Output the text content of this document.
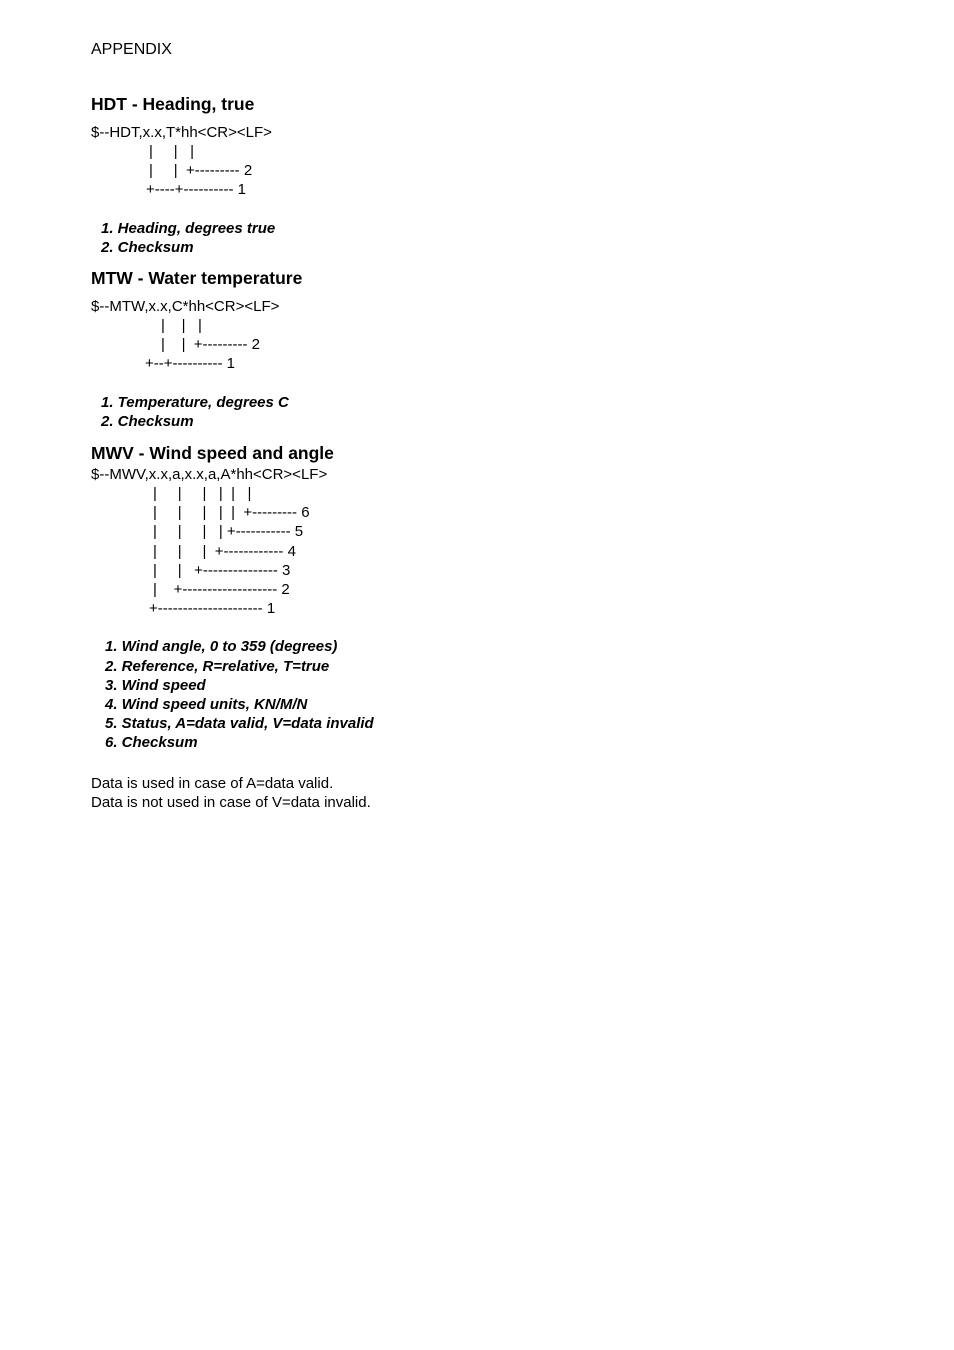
APPENDIX
HDT - Heading, true

$--HDT,x.x,T*hh<CR><LF>

|     |   |
|     |  +--------- 2
+----+---------- 1
1. Heading, degrees true
2. Checksum
MTW - Water temperature

$--MTW,x.x,C*hh<CR><LF>

|    |   |
|    |  +--------- 2
+--+---------- 1
1. Temperature, degrees C
2. Checksum
MWV - Wind speed and angle

$--MWV,x.x,a,x.x,a,A*hh<CR><LF>

|     |     |   |  |   |
|     |     |   |  |  +--------- 6
|     |     |   | +----------- 5
|     |     |  +------------ 4
|     |   +--------------- 3
|    +------------------- 2
+--------------------- 1
1. Wind angle, 0 to 359 (degrees)
2. Reference, R=relative, T=true
3. Wind speed
4. Wind speed units, KN/M/N
5. Status, A=data valid, V=data invalid
6. Checksum
Data is used in case of A=data valid.
Data is not used in case of V=data invalid.
